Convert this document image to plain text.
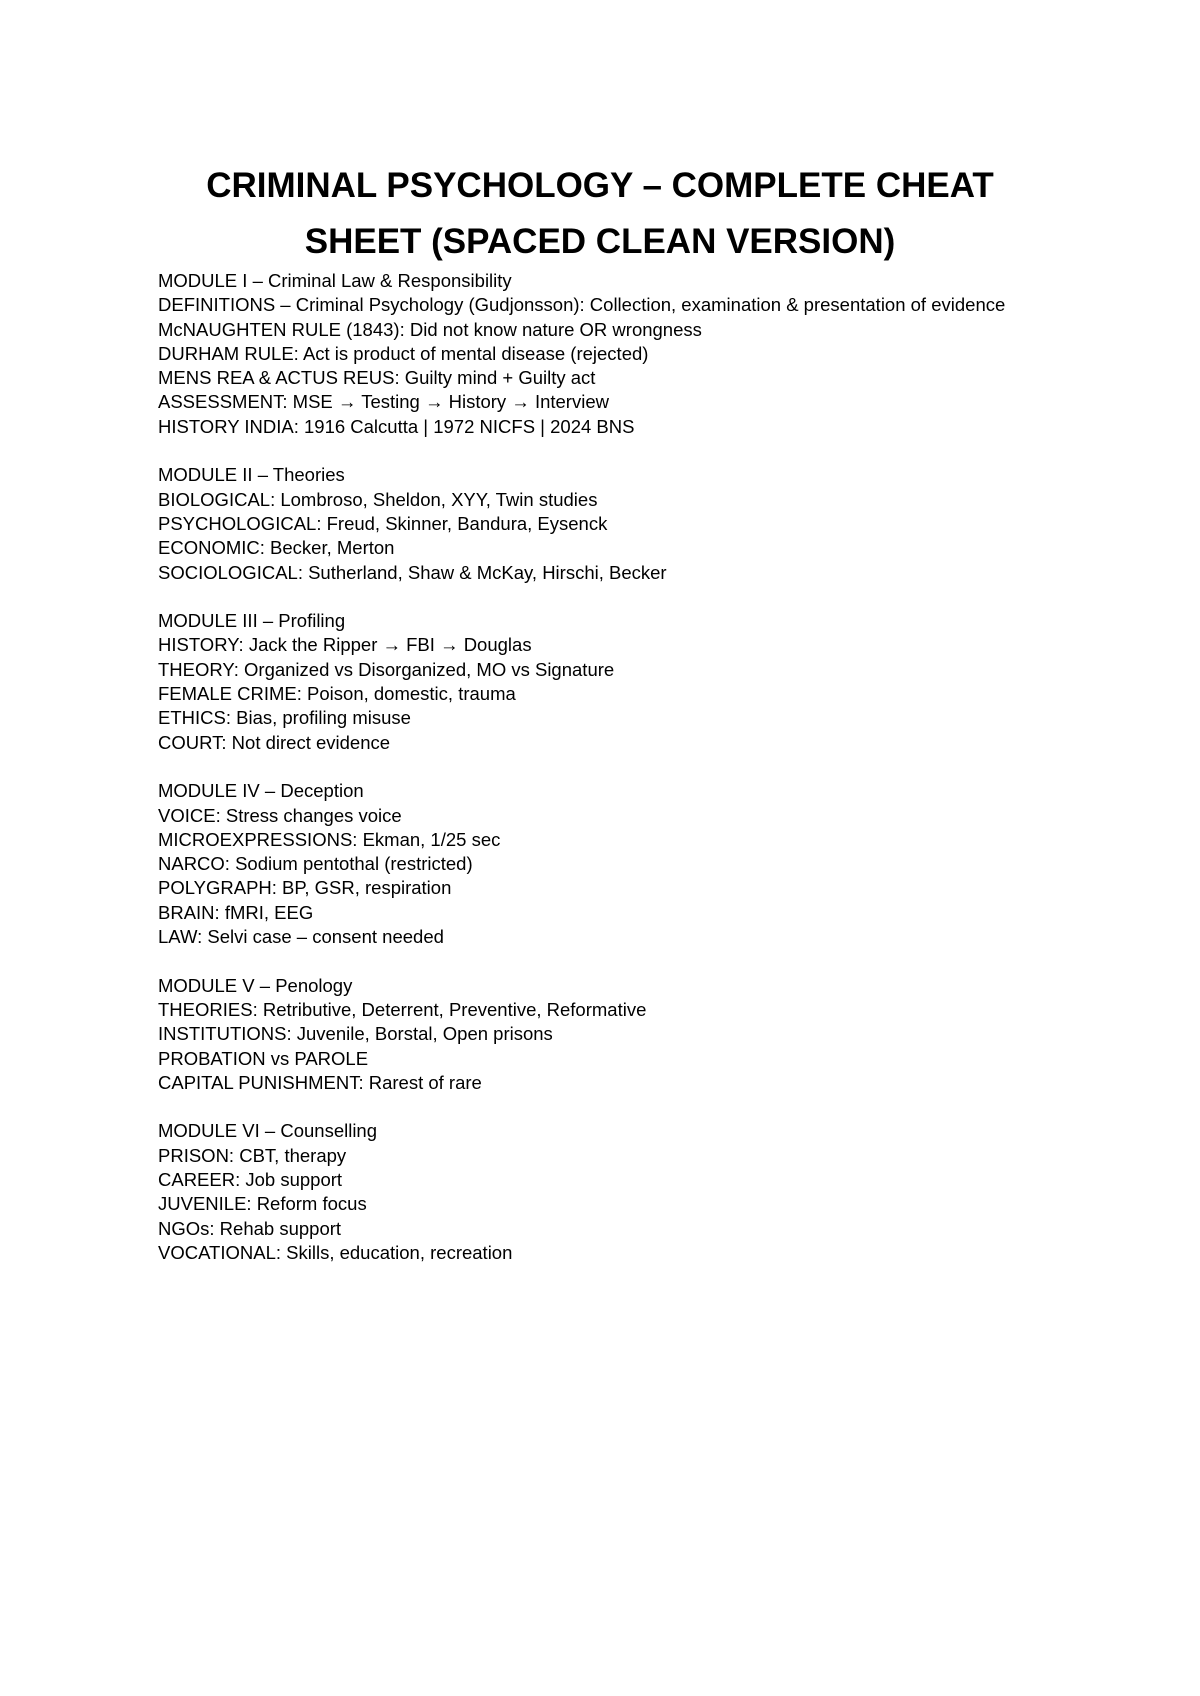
CRIMINAL PSYCHOLOGY – COMPLETE CHEAT
SHEET (SPACED CLEAN VERSION)

MODULE I – Criminal Law & Responsibility

DEFINITIONS – Criminal Psychology (Gudjonsson): Collection, examination & presentation of evidence

McNAUGHTEN RULE (1843): Did not know nature OR wrongness

DURHAM RULE: Act is product of mental disease (rejected)

MENS REA & ACTUS REUS: Guilty mind + Guilty act

ASSESSMENT: MSE → Testing → History → Interview

HISTORY INDIA: 1916 Calcutta | 1972 NICFS | 2024 BNS

MODULE II – Theories

BIOLOGICAL: Lombroso, Sheldon, XYY, Twin studies

PSYCHOLOGICAL: Freud, Skinner, Bandura, Eysenck

ECONOMIC: Becker, Merton

SOCIOLOGICAL: Sutherland, Shaw & McKay, Hirschi, Becker

MODULE III – Profiling

HISTORY: Jack the Ripper → FBI → Douglas

THEORY: Organized vs Disorganized, MO vs Signature

FEMALE CRIME: Poison, domestic, trauma

ETHICS: Bias, profiling misuse

COURT: Not direct evidence

MODULE IV – Deception

VOICE: Stress changes voice

MICROEXPRESSIONS: Ekman, 1/25 sec

NARCO: Sodium pentothal (restricted)

POLYGRAPH: BP, GSR, respiration

BRAIN: fMRI, EEG

LAW: Selvi case – consent needed

MODULE V – Penology

THEORIES: Retributive, Deterrent, Preventive, Reformative

INSTITUTIONS: Juvenile, Borstal, Open prisons

PROBATION vs PAROLE

CAPITAL PUNISHMENT: Rarest of rare

MODULE VI – Counselling

PRISON: CBT, therapy

CAREER: Job support

JUVENILE: Reform focus

NGOs: Rehab support

VOCATIONAL: Skills, education, recreation
